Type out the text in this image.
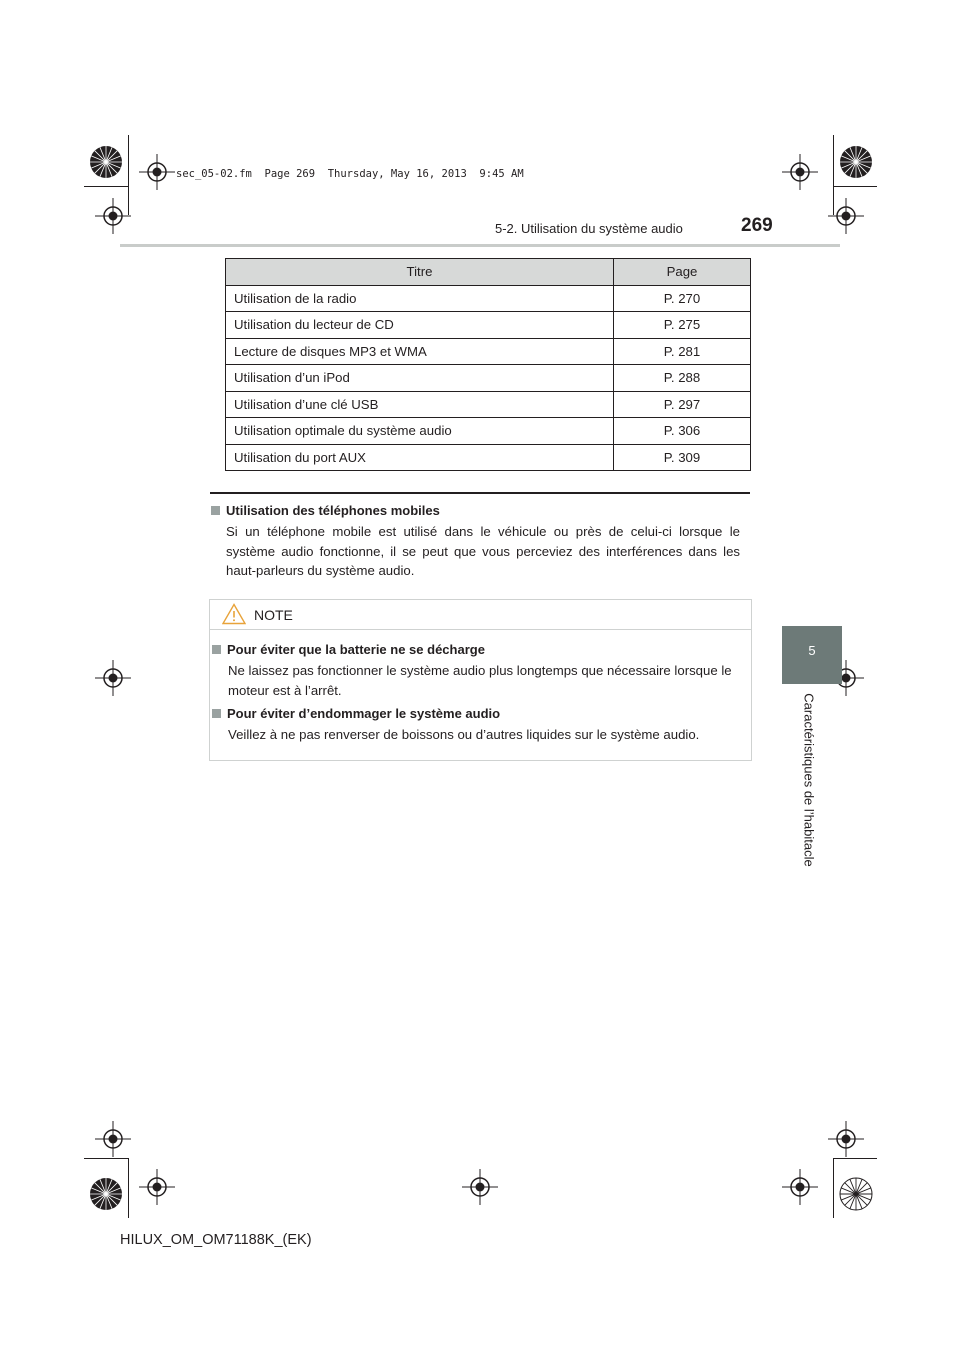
sec_05-02.fm  Page 269  Thursday, May 16, 2013  9:45 AM
5-2. Utilisation du système audio	269
5
Caractéristiques de l’habitacle
Titre	Page
Utilisation de la radio	P. 270
Utilisation du lecteur de CD	P. 275
Lecture de disques MP3 et WMA	P. 281
Utilisation d’un iPod	P. 288
Utilisation d’une clé USB	P. 297
Utilisation optimale du système audio	P. 306
Utilisation du port AUX	P. 309
Utilisation des téléphones mobiles
Si un téléphone mobile est utilisé dans le véhicule ou près de celui-ci lorsque le système audio fonctionne, il se peut que vous perceviez des interférences dans les haut-parleurs du système audio.
NOTE
Pour éviter que la batterie ne se décharge
Ne laissez pas fonctionner le système audio plus longtemps que nécessaire lorsque le moteur est à l’arrêt.
Pour éviter d’endommager le système audio
Veillez à ne pas renverser de boissons ou d’autres liquides sur le système audio.
HILUX_OM_OM71188K_(EK)
